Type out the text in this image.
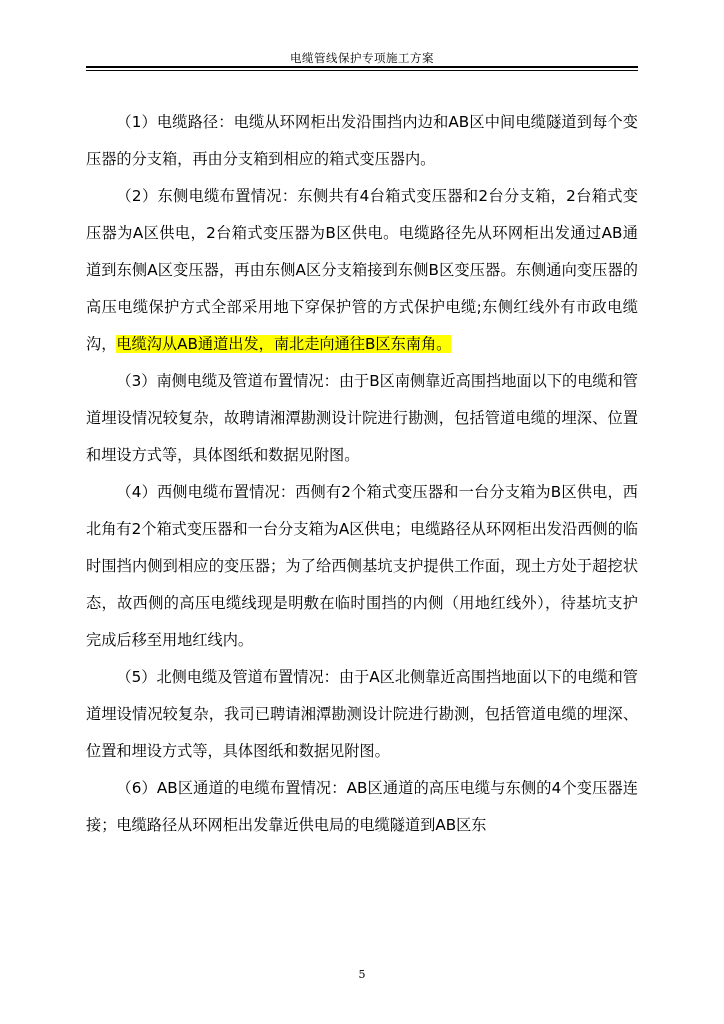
电缆管线保护专项施工方案

（1）电缆路径：电缆从环网柜出发沿围挡内边和AB区中间电缆隧道到每个变压器的分支箱，再由分支箱到相应的箱式变压器内。

（2）东侧电缆布置情况：东侧共有4台箱式变压器和2台分支箱，2台箱式变压器为A区供电，2台箱式变压器为B区供电。电缆路径先从环网柜出发通过AB通道到东侧A区变压器，再由东侧A区分支箱接到东侧B区变压器。东侧通向变压器的高压电缆保护方式全部采用地下穿保护管的方式保护电缆;东侧红线外有市政电缆沟，电缆沟从AB通道出发，南北走向通往B区东南角。

（3）南侧电缆及管道布置情况：由于B区南侧靠近高围挡地面以下的电缆和管道埋设情况较复杂，故聘请湘潭勘测设计院进行勘测，包括管道电缆的埋深、位置和埋设方式等，具体图纸和数据见附图。

（4）西侧电缆布置情况：西侧有2个箱式变压器和一台分支箱为B区供电，西北角有2个箱式变压器和一台分支箱为A区供电；电缆路径从环网柜出发沿西侧的临时围挡内侧到相应的变压器；为了给西侧基坑支护提供工作面，现土方处于超挖状态，故西侧的高压电缆线现是明敷在临时围挡的内侧（用地红线外），待基坑支护完成后移至用地红线内。

（5）北侧电缆及管道布置情况：由于A区北侧靠近高围挡地面以下的电缆和管道埋设情况较复杂，我司已聘请湘潭勘测设计院进行勘测，包括管道电缆的埋深、位置和埋设方式等，具体图纸和数据见附图。

（6）AB区通道的电缆布置情况：AB区通道的高压电缆与东侧的4个变压器连接；电缆路径从环网柜出发靠近供电局的电缆隧道到AB区东

5
